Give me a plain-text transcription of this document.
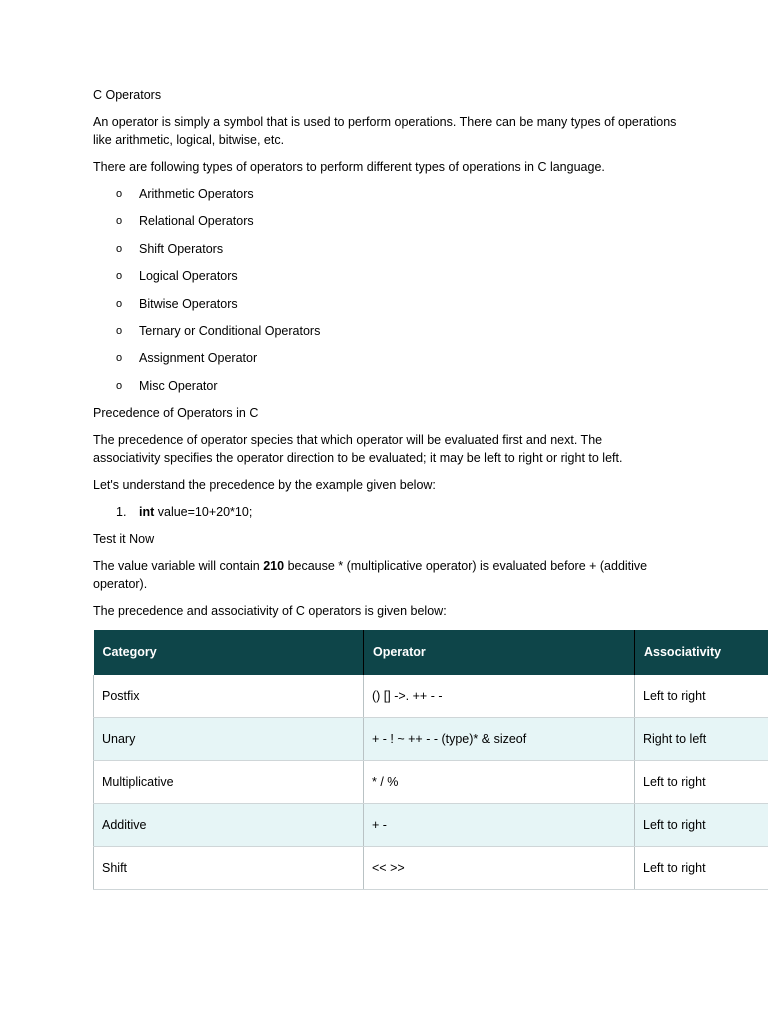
C Operators

An operator is simply a symbol that is used to perform operations. There can be many types of operations like arithmetic, logical, bitwise, etc.

There are following types of operators to perform different types of operations in C language.

o Arithmetic Operators
o Relational Operators
o Shift Operators
o Logical Operators
o Bitwise Operators
o Ternary or Conditional Operators
o Assignment Operator
o Misc Operator

Precedence of Operators in C

The precedence of operator species that which operator will be evaluated first and next. The associativity specifies the operator direction to be evaluated; it may be left to right or right to left.

Let's understand the precedence by the example given below:

1. int value=10+20*10;

Test it Now

The value variable will contain 210 because * (multiplicative operator) is evaluated before + (additive operator).

The precedence and associativity of C operators is given below:

Category	Operator	Associativity
Postfix	() [] ->. ++ - -	Left to right
Unary	+ - ! ~ ++ - - (type)* & sizeof	Right to left
Multiplicative	* / %	Left to right
Additive	+ -	Left to right
Shift	<< >>	Left to right
